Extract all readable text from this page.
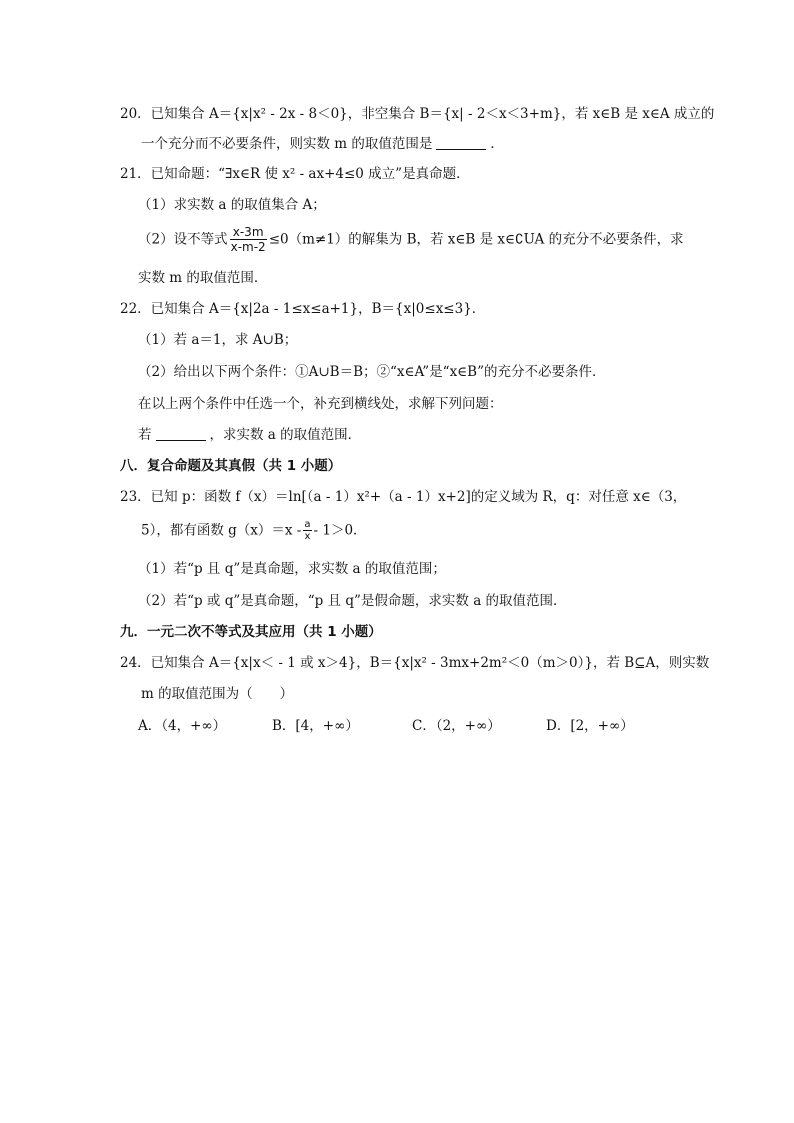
20．已知集合 A＝{x|x² - 2x - 8＜0}，非空集合 B＝{x| - 2＜x＜3+m}，若 x∈B 是 x∈A 成立的
一个充分而不必要条件，则实数 m 的取值范围是	．
21．已知命题：“∃x∈R 使 x² - ax+4≤0 成立”是真命题．
（1）求实数 a 的取值集合 A；
（2）设不等式 $\frac{x-3m}{x-m-2} \le 0(m\ne 1)$的解集为 B，若 x∈B 是 x∈∁UA 的充分不必要条件，求
实数 m 的取值范围．
22．已知集合 A＝{x|2a - 1≤x≤a+1}，B＝{x|0≤x≤3}．
（1）若 a＝1，求 A∪B；
（2）给出以下两个条件：①A∪B＝B；②“x∈A”是“x∈B”的充分不必要条件．
在以上两个条件中任选一个，补充到横线处，求解下列问题：
若	，求实数 a 的取值范围．
八．复合命题及其真假（共 1 小题）
23．已知 p：函数 f（x）＝ln[（a - 1）x²+（a - 1）x+2]的定义域为 R，q：对任意 x∈（3，
5），都有函数 $g(x)=x - \frac{a}{x} - 1>0$．
（1）若“p 且 q”是真命题，求实数 a 的取值范围；
（2）若“p 或 q”是真命题，“p 且 q”是假命题，求实数 a 的取值范围．
九．一元二次不等式及其应用（共 1 小题）
24．已知集合 A＝{x|x＜ - 1 或 x＞4}，B＝{x|x² - 3mx+2m²＜0（m＞0）}，若 B⊆A，则实数
m 的取值范围为（　　）
A．（4，+∞）	B．[4，+∞）	C．（2，+∞）	D．[2，+∞）
